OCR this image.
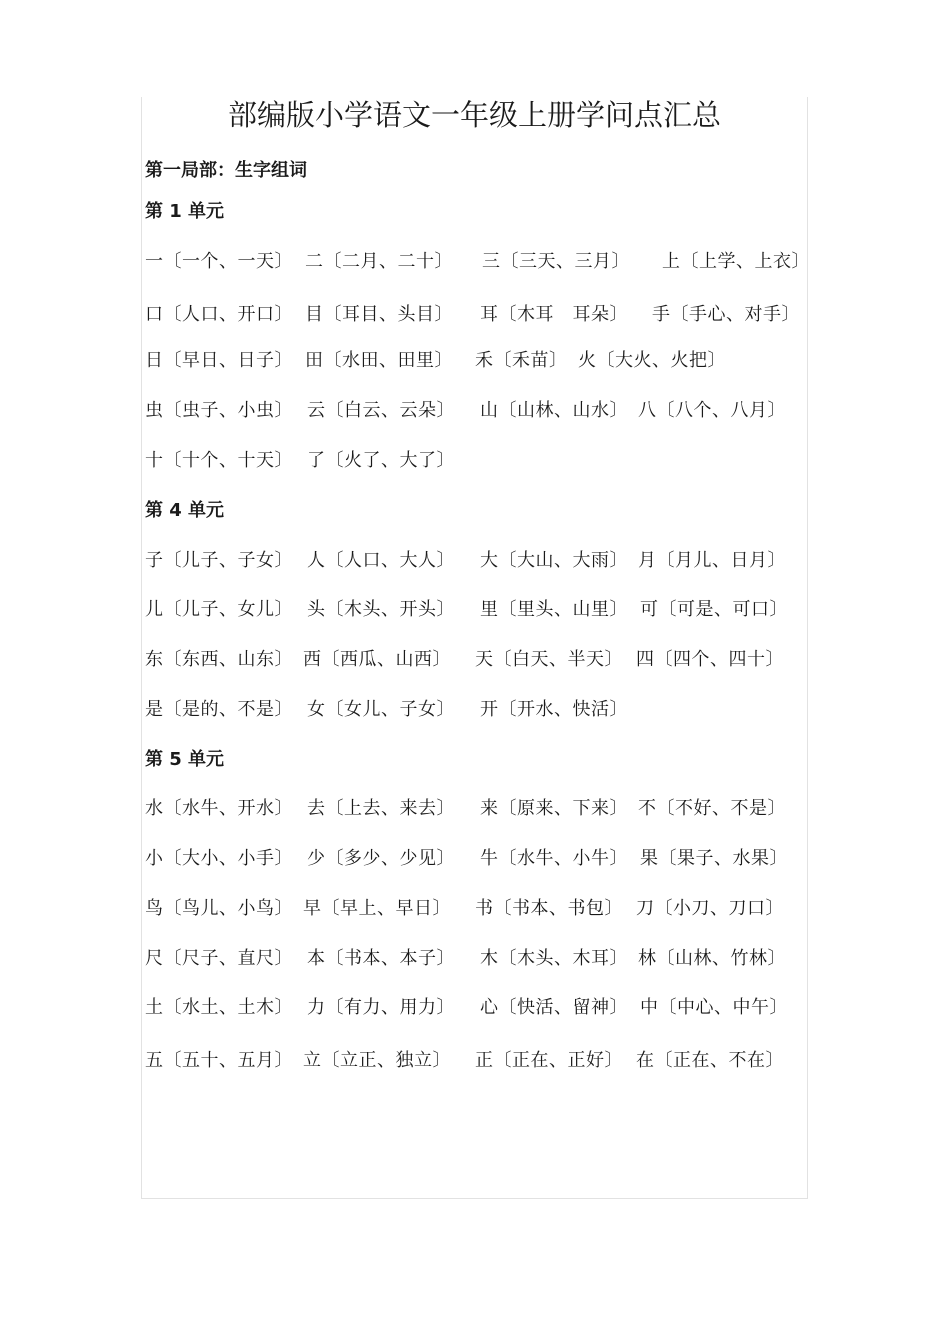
部编版小学语文一年级上册学问点汇总
第一局部：生字组词
第 1 单元
一〔一个、一天〕 二〔二月、二十〕 三〔三天、三月〕 上〔上学、上衣〕
口〔人口、开口〕 目〔耳目、头目〕 耳〔木耳　耳朵〕 手〔手心、对手〕
日〔早日、日子〕 田〔水田、田里〕 禾〔禾苗〕 火〔大火、火把〕
虫〔虫子、小虫〕 云〔白云、云朵〕 山〔山林、山水〕 八〔八个、八月〕
十〔十个、十天〕 了〔火了、大了〕
第 4 单元
子〔儿子、子女〕 人〔人口、大人〕 大〔大山、大雨〕 月〔月儿、日月〕
儿〔儿子、女儿〕 头〔木头、开头〕 里〔里头、山里〕 可〔可是、可口〕
东〔东西、山东〕 西〔西瓜、山西〕 天〔白天、半天〕 四〔四个、四十〕
是〔是的、不是〕 女〔女儿、子女〕 开〔开水、快活〕
第 5 单元
水〔水牛、开水〕 去〔上去、来去〕 来〔原来、下来〕 不〔不好、不是〕
小〔大小、小手〕 少〔多少、少见〕 牛〔水牛、小牛〕 果〔果子、水果〕
鸟〔鸟儿、小鸟〕 早〔早上、早日〕 书〔书本、书包〕 刀〔小刀、刀口〕
尺〔尺子、直尺〕 本〔书本、本子〕 木〔木头、木耳〕 林〔山林、竹林〕
土〔水土、土木〕 力〔有力、用力〕 心〔快活、留神〕 中〔中心、中午〕
五〔五十、五月〕 立〔立正、独立〕 正〔正在、正好〕 在〔正在、不在〕
